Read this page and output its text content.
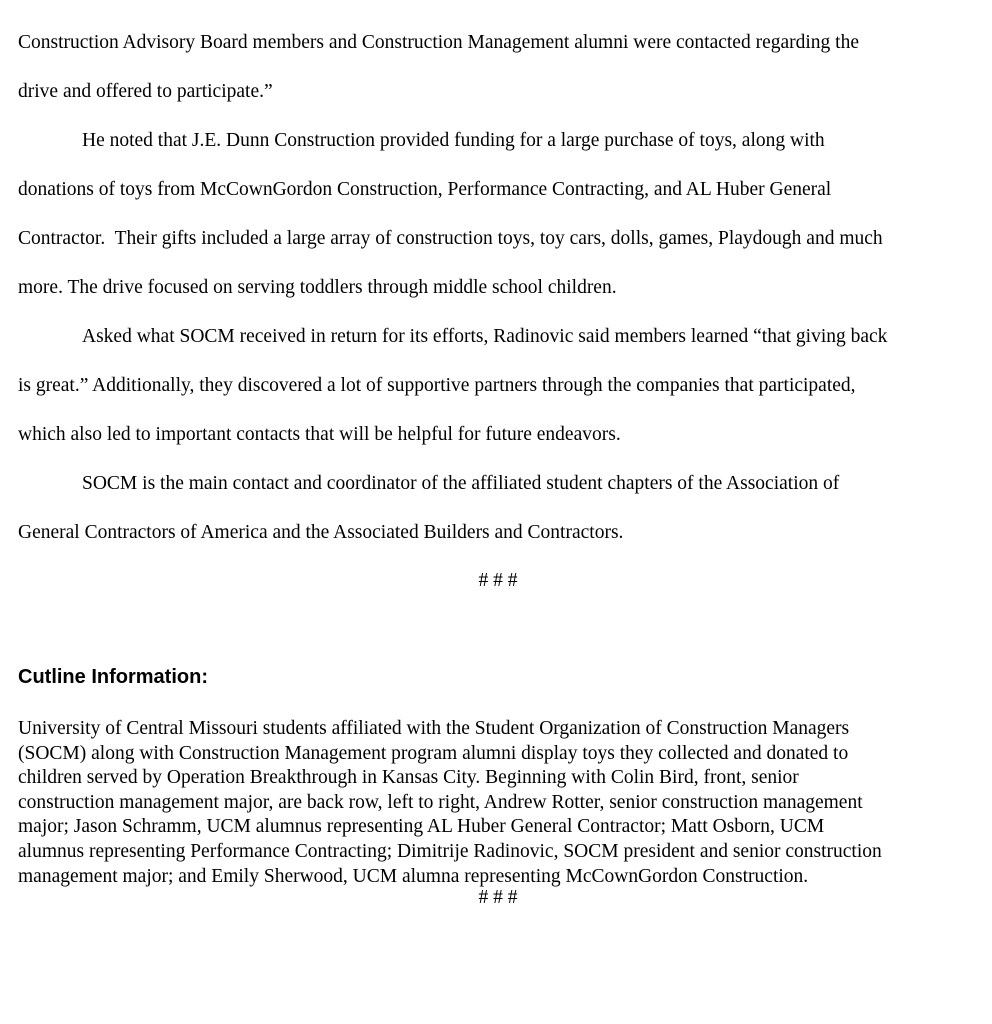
Construction Advisory Board members and Construction Management alumni were contacted regarding the
drive and offered to participate.”
He noted that J.E. Dunn Construction provided funding for a large purchase of toys, along with
donations of toys from McCownGordon Construction, Performance Contracting, and AL Huber General
Contractor.  Their gifts included a large array of construction toys, toy cars, dolls, games, Playdough and much
more. The drive focused on serving toddlers through middle school children.
Asked what SOCM received in return for its efforts, Radinovic said members learned “that giving back
is great.” Additionally, they discovered a lot of supportive partners through the companies that participated,
which also led to important contacts that will be helpful for future endeavors.
SOCM is the main contact and coordinator of the affiliated student chapters of the Association of
General Contractors of America and the Associated Builders and Contractors.
# # #
Cutline Information:
University of Central Missouri students affiliated with the Student Organization of Construction Managers
(SOCM) along with Construction Management program alumni display toys they collected and donated to
children served by Operation Breakthrough in Kansas City. Beginning with Colin Bird, front, senior
construction management major, are back row, left to right, Andrew Rotter, senior construction management
major; Jason Schramm, UCM alumnus representing AL Huber General Contractor; Matt Osborn, UCM
alumnus representing Performance Contracting; Dimitrije Radinovic, SOCM president and senior construction
management major; and Emily Sherwood, UCM alumna representing McCownGordon Construction.
# # #
